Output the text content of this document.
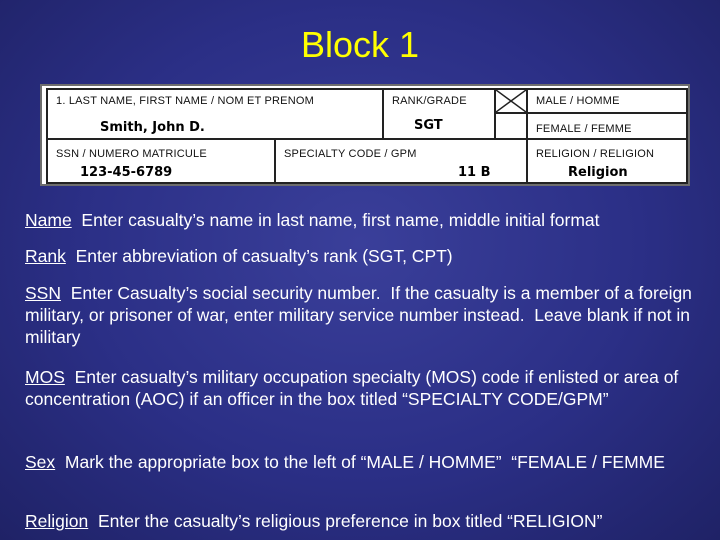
Block 1
1. LAST NAME, FIRST NAME / NOM ET PRENOM
Smith, John D.
RANK/GRADE
SGT
MALE / HOMME
FEMALE / FEMME
SSN / NUMERO MATRICULE
123-45-6789
SPECIALTY CODE / GPM
11 B
RELIGION / RELIGION
Religion

Name  Enter casualty’s name in last name, first name, middle initial format

Rank  Enter abbreviation of casualty’s rank (SGT, CPT)

SSN  Enter Casualty’s social security number.  If the casualty is a member of a foreign military, or prisoner of war, enter military service number instead.  Leave blank if not in military

MOS  Enter casualty’s military occupation specialty (MOS) code if enlisted or area of concentration (AOC) if an officer in the box titled “SPECIALTY CODE/GPM”

Sex  Mark the appropriate box to the left of “MALE / HOMME”  “FEMALE / FEMME

Religion  Enter the casualty’s religious preference in box titled “RELIGION”
